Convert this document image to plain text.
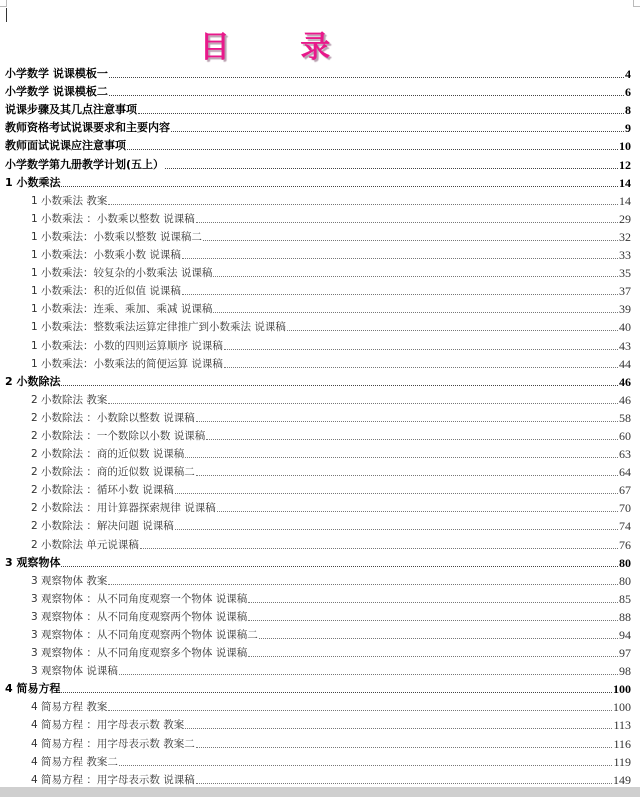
目 录
小学数学 说课模板一	4
小学数学 说课模板二	6
说课步骤及其几点注意事项	8
教师资格考试说课要求和主要内容	9
教师面试说课应注意事项	10
小学数学第九册教学计划(五上）	12
1 小数乘法	14
1 小数乘法 教案	14
1 小数乘法 ：小数乘以整数 说课稿	29
1 小数乘法：小数乘以整数 说课稿二	32
1 小数乘法：小数乘小数 说课稿	33
1 小数乘法：较复杂的小数乘法 说课稿	35
1 小数乘法：积的近似值 说课稿	37
1 小数乘法：连乘、乘加、乘减 说课稿	39
1 小数乘法：整数乘法运算定律推广到小数乘法 说课稿	40
1 小数乘法：小数的四则运算顺序 说课稿	43
1 小数乘法：小数乘法的简便运算 说课稿	44
2 小数除法	46
2 小数除法 教案	46
2 小数除法 ：小数除以整数 说课稿	58
2 小数除法 ：一个数除以小数 说课稿	60
2 小数除法 ：商的近似数 说课稿	63
2 小数除法 ：商的近似数 说课稿二	64
2 小数除法 ：循环小数 说课稿	67
2 小数除法 ：用计算器探索规律 说课稿	70
2 小数除法 ：解决问题 说课稿	74
2 小数除法 单元说课稿	76
3 观察物体	80
3 观察物体 教案	80
3 观察物体 ：从不同角度观察一个物体 说课稿	85
3 观察物体 ：从不同角度观察两个物体 说课稿	88
3 观察物体 ：从不同角度观察两个物体 说课稿二	94
3 观察物体 ：从不同角度观察多个物体 说课稿	97
3 观察物体 说课稿	98
4 简易方程	100
4 简易方程 教案	100
4 简易方程 ：用字母表示数 教案	113
4 简易方程 ：用字母表示数 教案二	116
4 简易方程 教案二	119
4 简易方程 ：用字母表示数 说课稿	149
